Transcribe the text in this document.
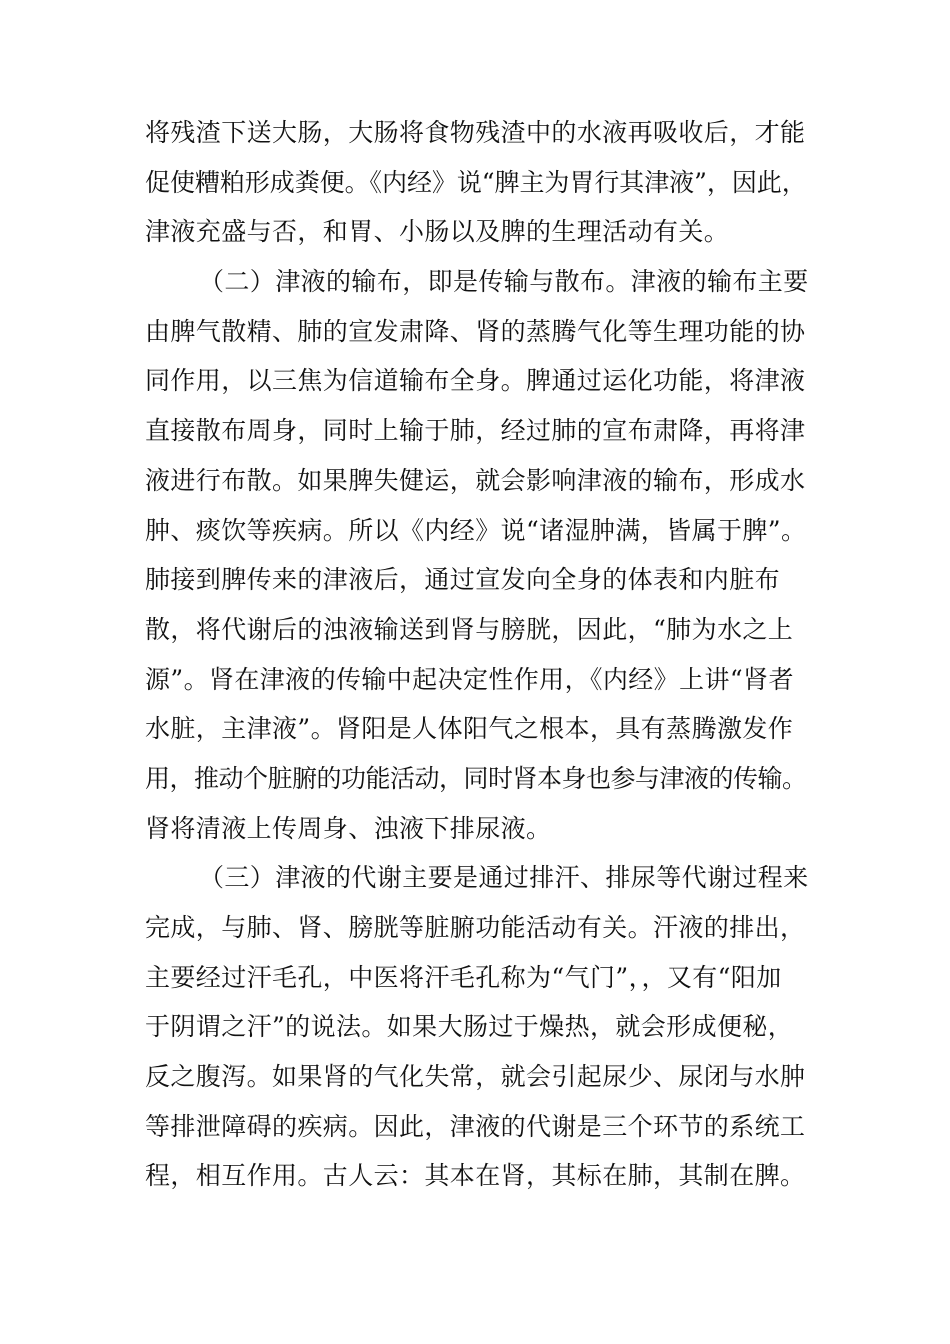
将残渣下送大肠，大肠将食物残渣中的水液再吸收后，才能
促使糟粕形成粪便。《内经》说“脾主为胃行其津液”，因此，
津液充盛与否，和胃、小肠以及脾的生理活动有关。
（二）津液的输布，即是传输与散布。津液的输布主要
由脾气散精、肺的宣发肃降、肾的蒸腾气化等生理功能的协
同作用，以三焦为信道输布全身。脾通过运化功能，将津液
直接散布周身，同时上输于肺，经过肺的宣布肃降，再将津
液进行布散。如果脾失健运，就会影响津液的输布，形成水
肿、痰饮等疾病。所以《内经》说“诸湿肿满，皆属于脾”。
肺接到脾传来的津液后，通过宣发向全身的体表和内脏布
散，将代谢后的浊液输送到肾与膀胱，因此，“肺为水之上
源”。肾在津液的传输中起决定性作用，《内经》上讲“肾者
水脏，主津液”。肾阳是人体阳气之根本，具有蒸腾激发作
用，推动个脏腑的功能活动，同时肾本身也参与津液的传输。
肾将清液上传周身、浊液下排尿液。
（三）津液的代谢主要是通过排汗、排尿等代谢过程来
完成，与肺、肾、膀胱等脏腑功能活动有关。汗液的排出，
主要经过汗毛孔，中医将汗毛孔称为“气门”，，又有“阳加
于阴谓之汗”的说法。如果大肠过于燥热，就会形成便秘，
反之腹泻。如果肾的气化失常，就会引起尿少、尿闭与水肿
等排泄障碍的疾病。因此，津液的代谢是三个环节的系统工
程，相互作用。古人云：其本在肾，其标在肺，其制在脾。
